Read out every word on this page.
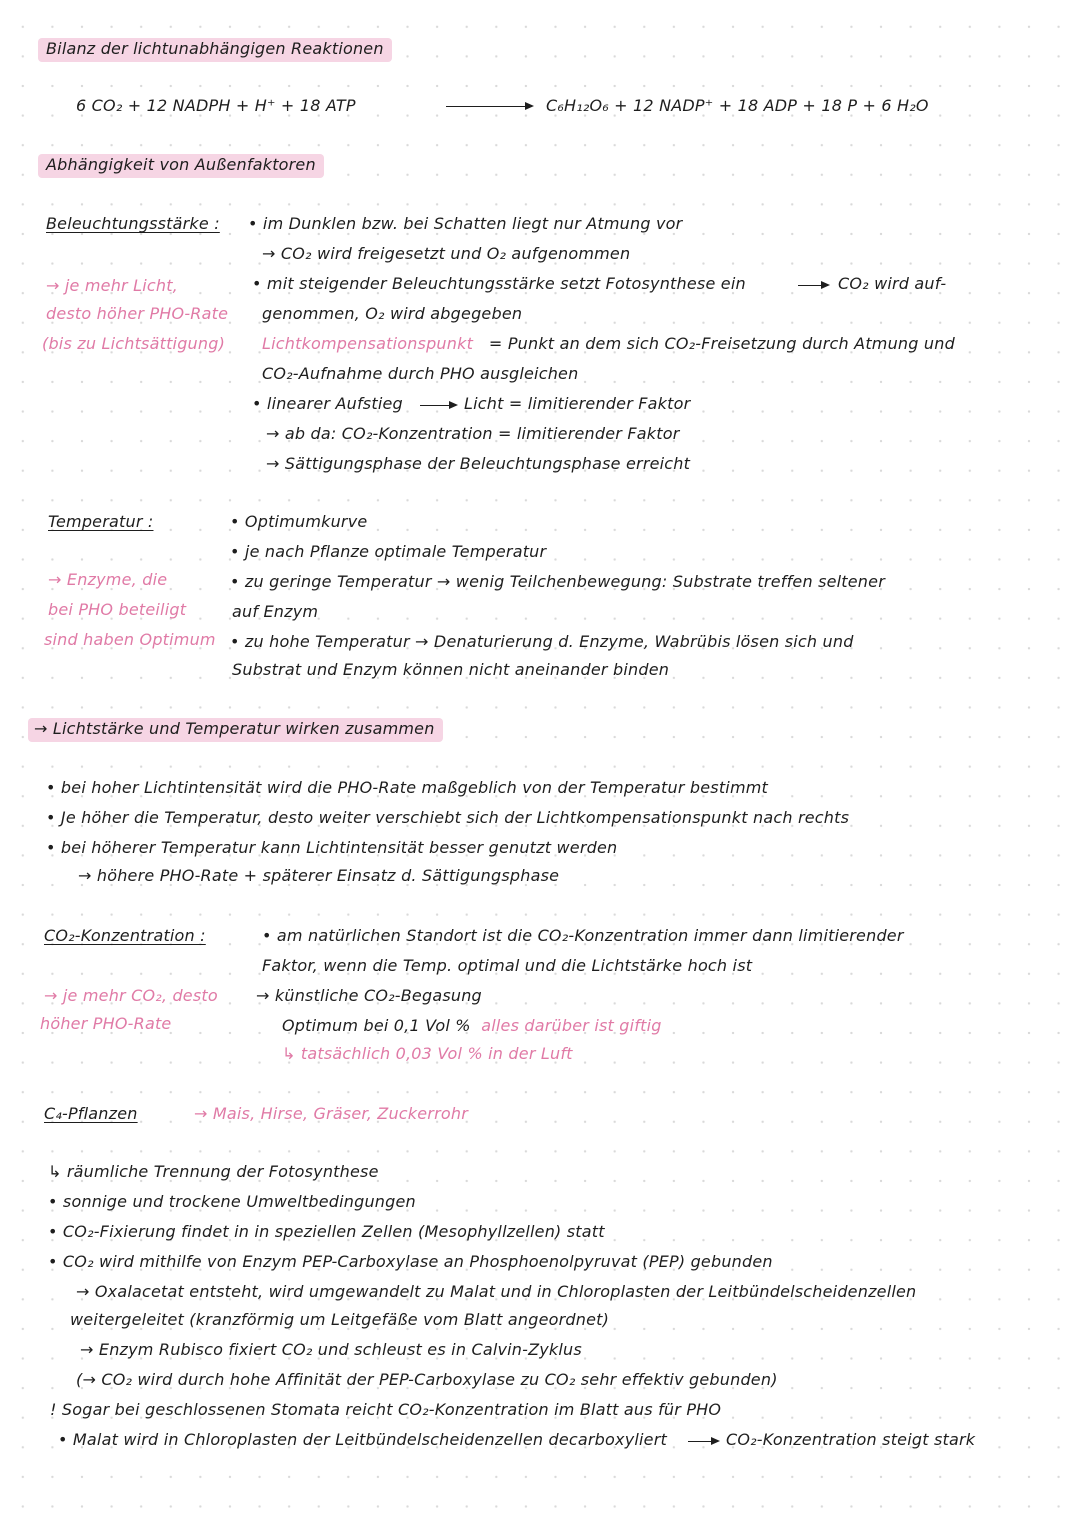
Bilanz der lichtunabhängigen Reaktionen
6 CO₂ + 12 NADPH + H⁺ + 18 ATP	C₆H₁₂O₆ + 12 NADP⁺ + 18 ADP + 18 P + 6 H₂O
Abhängigkeit von Außenfaktoren
Beleuchtungsstärke :
→ je mehr Licht,
desto höher PHO-Rate
(bis zu Lichtsättigung)
• im Dunklen bzw. bei Schatten liegt nur Atmung vor
→ CO₂ wird freigesetzt und O₂ aufgenommen
• mit steigender Beleuchtungsstärke setzt Fotosynthese ein	CO₂ wird auf-
genommen, O₂ wird abgegeben
Lichtkompensationspunkt = Punkt an dem sich CO₂-Freisetzung durch Atmung und
CO₂-Aufnahme durch PHO ausgleichen
• linearer Aufstieg	Licht = limitierender Faktor
→ ab da: CO₂-Konzentration = limitierender Faktor
→ Sättigungsphase der Beleuchtungsphase erreicht
Temperatur :
→ Enzyme, die
bei PHO beteiligt
sind haben Optimum
• Optimumkurve
• je nach Pflanze optimale Temperatur
• zu geringe Temperatur → wenig Teilchenbewegung: Substrate treffen seltener
auf Enzym
• zu hohe Temperatur → Denaturierung d. Enzyme, Wabrübis lösen sich und
Substrat und Enzym können nicht aneinander binden
→ Lichtstärke und Temperatur wirken zusammen
• bei hoher Lichtintensität wird die PHO-Rate maßgeblich von der Temperatur bestimmt
• Je höher die Temperatur, desto weiter verschiebt sich der Lichtkompensationspunkt nach rechts
• bei höherer Temperatur kann Lichtintensität besser genutzt werden
→ höhere PHO-Rate + späterer Einsatz d. Sättigungsphase
CO₂-Konzentration :
→ je mehr CO₂, desto
höher PHO-Rate
• am natürlichen Standort ist die CO₂-Konzentration immer dann limitierender
Faktor, wenn die Temp. optimal und die Lichtstärke hoch ist
→ künstliche CO₂-Begasung
Optimum bei 0,1 Vol % alles darüber ist giftig
↳ tatsächlich 0,03 Vol % in der Luft
C₄-Pflanzen	→ Mais, Hirse, Gräser, Zuckerrohr
↳ räumliche Trennung der Fotosynthese
• sonnige und trockene Umweltbedingungen
• CO₂-Fixierung findet in in speziellen Zellen (Mesophyllzellen) statt
• CO₂ wird mithilfe von Enzym PEP-Carboxylase an Phosphoenolpyruvat (PEP) gebunden
→ Oxalacetat entsteht, wird umgewandelt zu Malat und in Chloroplasten der Leitbündelscheidenzellen
weitergeleitet (kranzförmig um Leitgefäße vom Blatt angeordnet)
→ Enzym Rubisco fixiert CO₂ und schleust es in Calvin-Zyklus
(→ CO₂ wird durch hohe Affinität der PEP-Carboxylase zu CO₂ sehr effektiv gebunden)
! Sogar bei geschlossenen Stomata reicht CO₂-Konzentration im Blatt aus für PHO
• Malat wird in Chloroplasten der Leitbündelscheidenzellen decarboxyliert	CO₂-Konzentration steigt stark
